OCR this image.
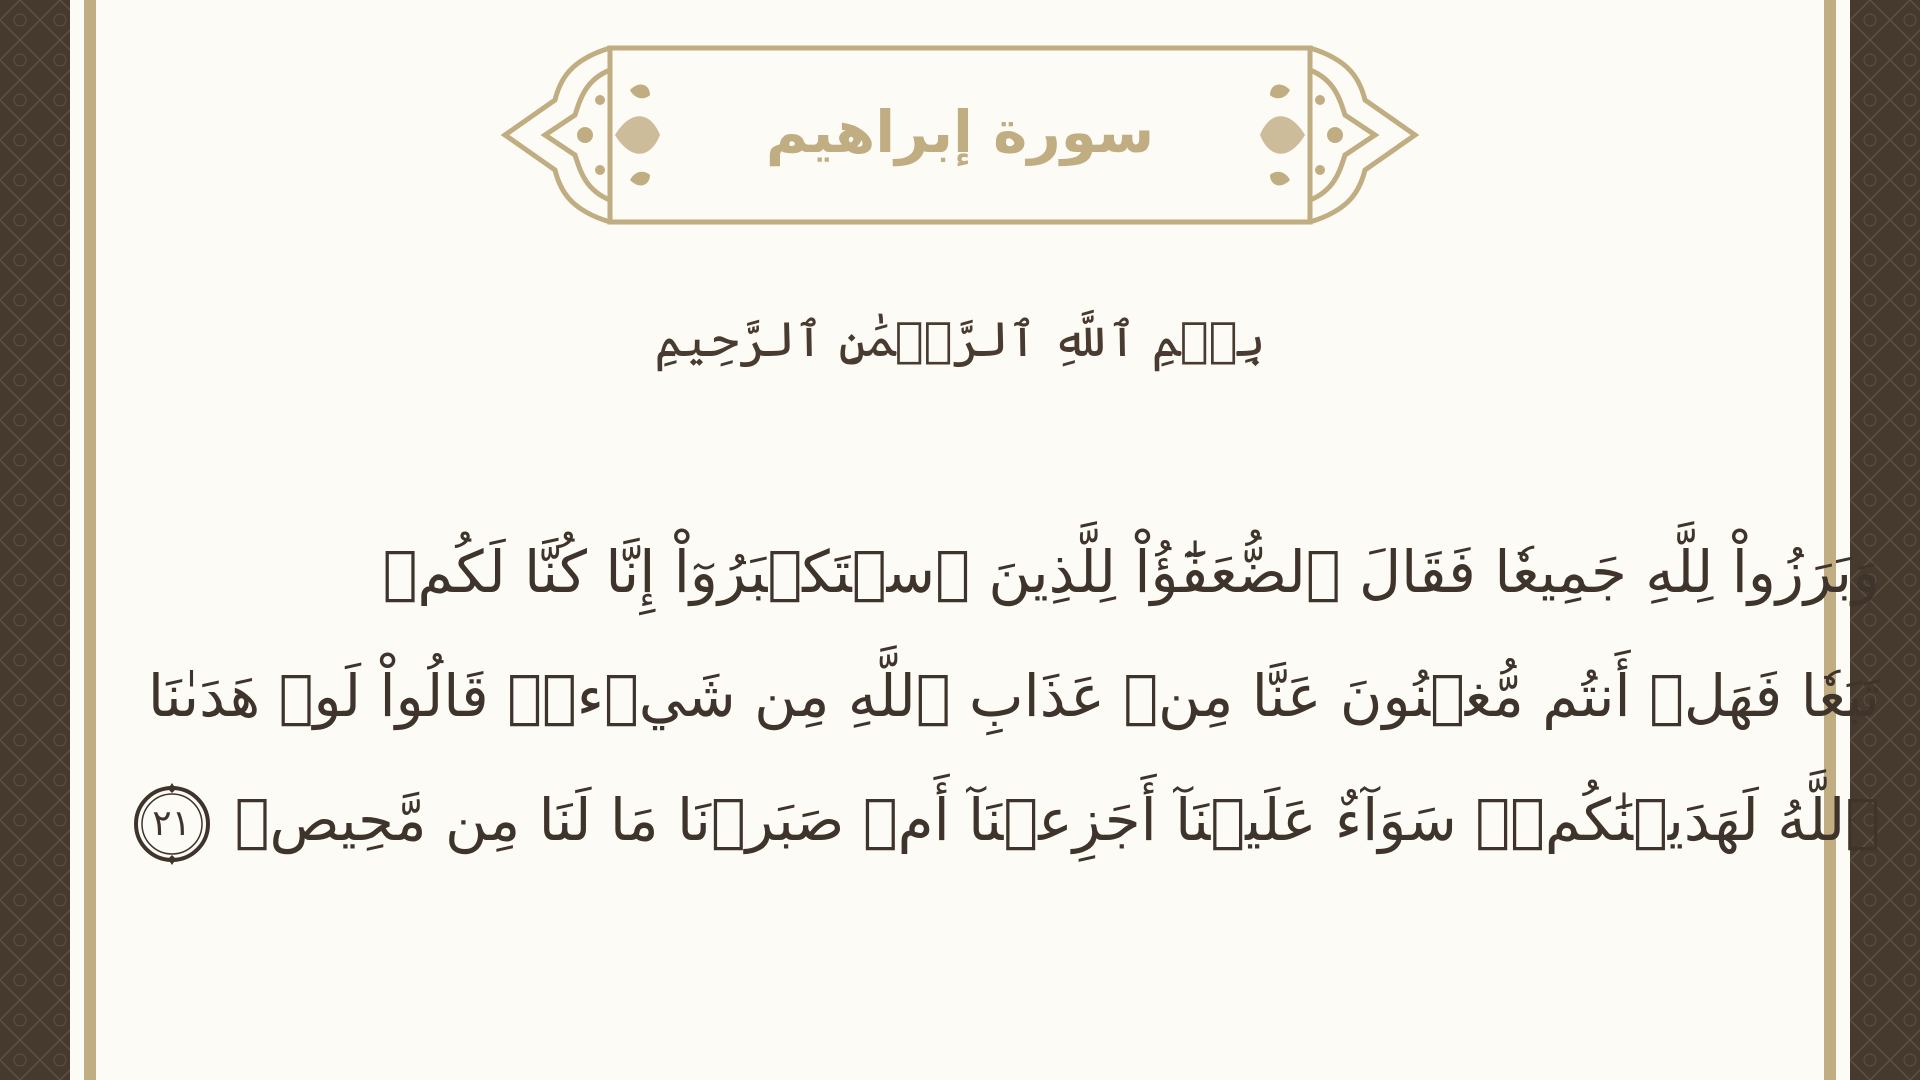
سورة إبراهيم
بِسۡمِ ٱللَّهِ ٱلرَّحۡمَٰنِ ٱلرَّحِيمِ
وَبَرَزُواْ لِلَّهِ جَمِيعٗا فَقَالَ ٱلضُّعَفَٰٓؤُاْ لِلَّذِينَ ٱسۡتَكۡبَرُوٓاْ إِنَّا كُنَّا لَكُمۡ
تَبَعٗا فَهَلۡ أَنتُم مُّغۡنُونَ عَنَّا مِنۡ عَذَابِ ٱللَّهِ مِن شَيۡءٖۚ قَالُواْ لَوۡ هَدَىٰنَا
ٱللَّهُ لَهَدَيۡنَٰكُمۡۖ سَوَآءٌ عَلَيۡنَآ أَجَزِعۡنَآ أَمۡ صَبَرۡنَا مَا لَنَا مِن مَّحِيصٖ
٢١
